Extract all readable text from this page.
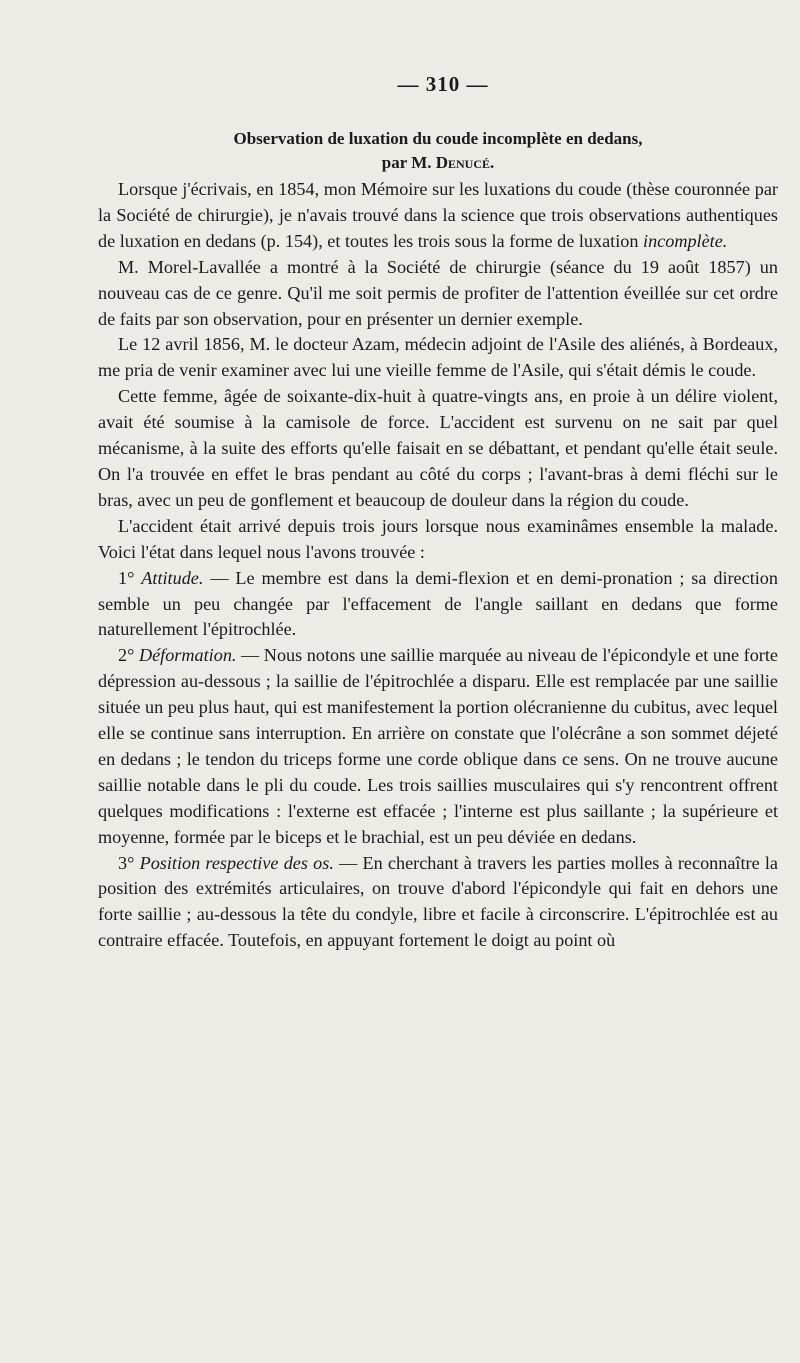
— 310 —
Observation de luxation du coude incomplète en dedans,
par M. Denucé.

Lorsque j'écrivais, en 1854, mon Mémoire sur les luxations du coude (thèse couronnée par la Société de chirurgie), je n'avais trouvé dans la science que trois observations authentiques de luxation en dedans (p. 154), et toutes les trois sous la forme de luxation incomplète.

M. Morel-Lavallée a montré à la Société de chirurgie (séance du 19 août 1857) un nouveau cas de ce genre. Qu'il me soit permis de profiter de l'attention éveillée sur cet ordre de faits par son observation, pour en présenter un dernier exemple.

Le 12 avril 1856, M. le docteur Azam, médecin adjoint de l'Asile des aliénés, à Bordeaux, me pria de venir examiner avec lui une vieille femme de l'Asile, qui s'était démis le coude.

Cette femme, âgée de soixante-dix-huit à quatre-vingts ans, en proie à un délire violent, avait été soumise à la camisole de force. L'accident est survenu on ne sait par quel mécanisme, à la suite des efforts qu'elle faisait en se débattant, et pendant qu'elle était seule. On l'a trouvée en effet le bras pendant au côté du corps ; l'avant-bras à demi fléchi sur le bras, avec un peu de gonflement et beaucoup de douleur dans la région du coude.

L'accident était arrivé depuis trois jours lorsque nous examinâmes ensemble la malade. Voici l'état dans lequel nous l'avons trouvée :

1° Attitude. — Le membre est dans la demi-flexion et en demi-pronation ; sa direction semble un peu changée par l'effacement de l'angle saillant en dedans que forme naturellement l'épitrochlée.

2° Déformation. — Nous notons une saillie marquée au niveau de l'épicondyle et une forte dépression au-dessous ; la saillie de l'épitrochlée a disparu. Elle est remplacée par une saillie située un peu plus haut, qui est manifestement la portion olécranienne du cubitus, avec lequel elle se continue sans interruption. En arrière on constate que l'olécrâne a son sommet déjeté en dedans ; le tendon du triceps forme une corde oblique dans ce sens. On ne trouve aucune saillie notable dans le pli du coude. Les trois saillies musculaires qui s'y rencontrent offrent quelques modifications : l'externe est effacée ; l'interne est plus saillante ; la supérieure et moyenne, formée par le biceps et le brachial, est un peu déviée en dedans.

3° Position respective des os. — En cherchant à travers les parties molles à reconnaître la position des extrémités articulaires, on trouve d'abord l'épicondyle qui fait en dehors une forte saillie ; au-dessous la tête du condyle, libre et facile à circonscrire. L'épitrochlée est au contraire effacée. Toutefois, en appuyant fortement le doigt au point où
